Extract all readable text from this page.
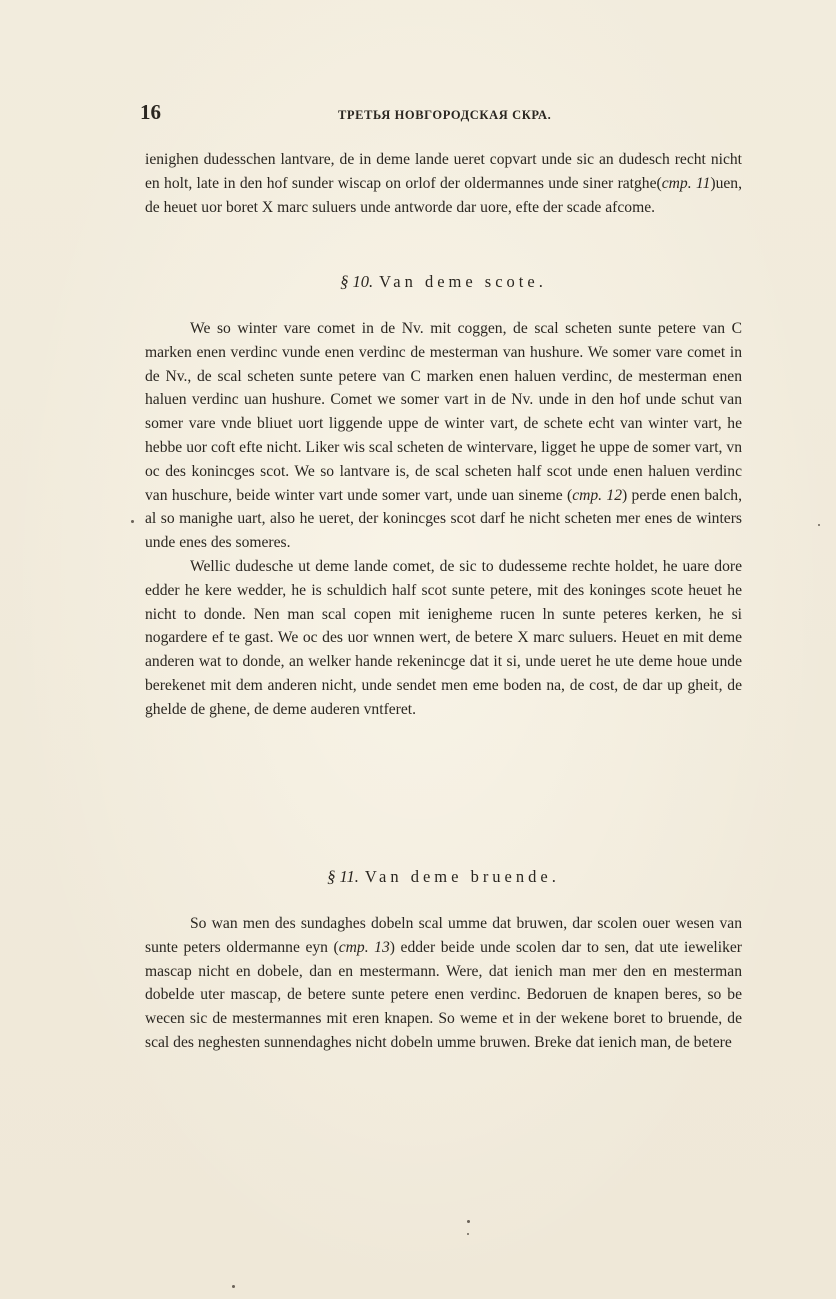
16	ТРЕТЬЯ НОВГОРОДСКАЯ СКРА.

ienighen dudesschen lantvare, de in deme lande ueret copvart unde sic an dudesch recht nicht en holt, late in den hof sunder wiscap on orlof der oldermannes unde siner ratghe(cmp. 11)uen, de heuet uor boret X marc suluers unde antworde dar uore, efte der scade afcome.

§ 10. Van deme scote.

We so winter vare comet in de Nv. mit coggen, de scal scheten sunte petere van C marken enen verdinc vunde enen verdinc de mesterman van hushure. We somer vare comet in de Nv., de scal scheten sunte petere van C marken enen haluen verdinc, de mesterman enen haluen verdinc uan hushure. Comet we somer vart in de Nv. unde in den hof unde schut van somer vare vnde bliuet uort liggende uppe de winter vart, de schete echt van winter vart, he hebbe uor coft efte nicht. Liker wis scal scheten de wintervare, ligget he uppe de somer vart, vn oc des konincges scot. We so lantvare is, de scal scheten half scot unde enen haluen verdinc van huschure, beide winter vart unde somer vart, unde uan sineme (cmp. 12) perde enen balch, al so manighe uart, also he ueret, der konincges scot darf he nicht scheten mer enes de winters unde enes des someres.

Wellic dudesche ut deme lande comet, de sic to dudesseme rechte holdet, he uare dore edder he kere wedder, he is schuldich half scot sunte petere, mit des koninges scote heuet he nicht to donde. Nen man scal copen mit ienigheme rucen ln sunte peteres kerken, he si nogardere ef te gast. We oc des uor wnnen wert, de betere X marc suluers. Heuet en mit deme anderen wat to donde, an welker hande rekenincge dat it si, unde ueret he ute deme houe unde berekenet mit dem anderen nicht, unde sendet men eme boden na, de cost, de dar up gheit, de ghelde de ghene, de deme auderen vntferet.

§ 11. Van deme bruende.

So wan men des sundaghes dobeln scal umme dat bruwen, dar scolen ouer wesen van sunte peters oldermanne eyn (cmp. 13) edder beide unde scolen dar to sen, dat ute ieweliker mascap nicht en dobele, dan en mestermann. Were, dat ienich man mer den en mesterman dobelde uter mascap, de betere sunte petere enen verdinc. Bedoruen de knapen beres, so be wecen sic de mestermannes mit eren knapen. So weme et in der wekene boret to bruende, de scal des neghesten sunnendaghes nicht dobeln umme bruwen. Breke dat ienich man, de betere
